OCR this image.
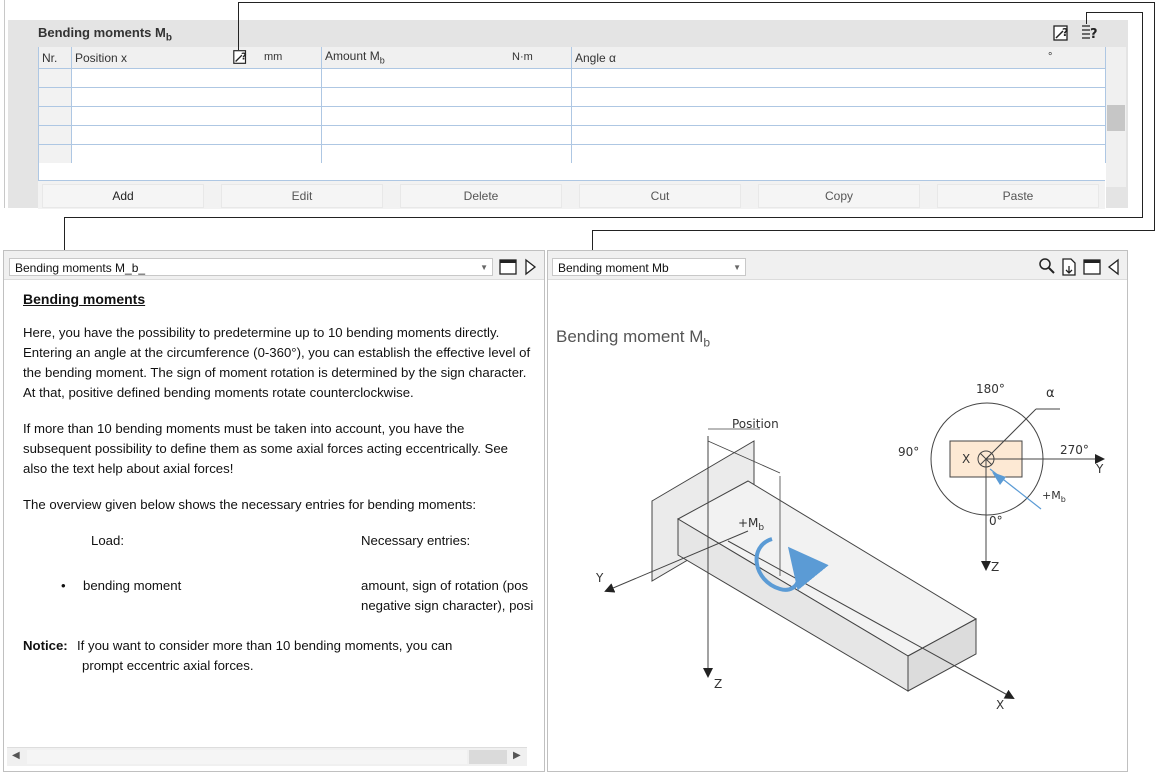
Bending moments $M_b$	? ?
Nr.	Position x ? mm	Amount $M_b$ N·m	Angle α °

Add	Edit	Delete	Cut	Copy	Paste
Bending moments M_b_	▼
Bending moments

Here, you have the possibility to predetermine up to 10 bending moments directly. Entering an angle at the circumference (0-360°), you can establish the effective level of the bending moment. The sign of moment rotation is determined by the sign character. At that, positive defined bending moments rotate counterclockwise.

If more than 10 bending moments must be taken into account, you have the subsequent possibility to define them as some axial forces acting eccentrically. See also the text help about axial forces!

The overview given below shows the necessary entries for bending moments:

Load:	Necessary entries:
• bending moment	amount, sign of rotation (pos
negative sign character), posi
Notice: If you want to consider more than 10 bending moments, you can
prompt eccentric axial forces.
◀	▶
Bending moment Mb	▼
Bending moment $M_b$
Position
$+M_b$
Y
Z
X
180°
90°	270°
0°
α
X
Y
Z
$+M_b$
